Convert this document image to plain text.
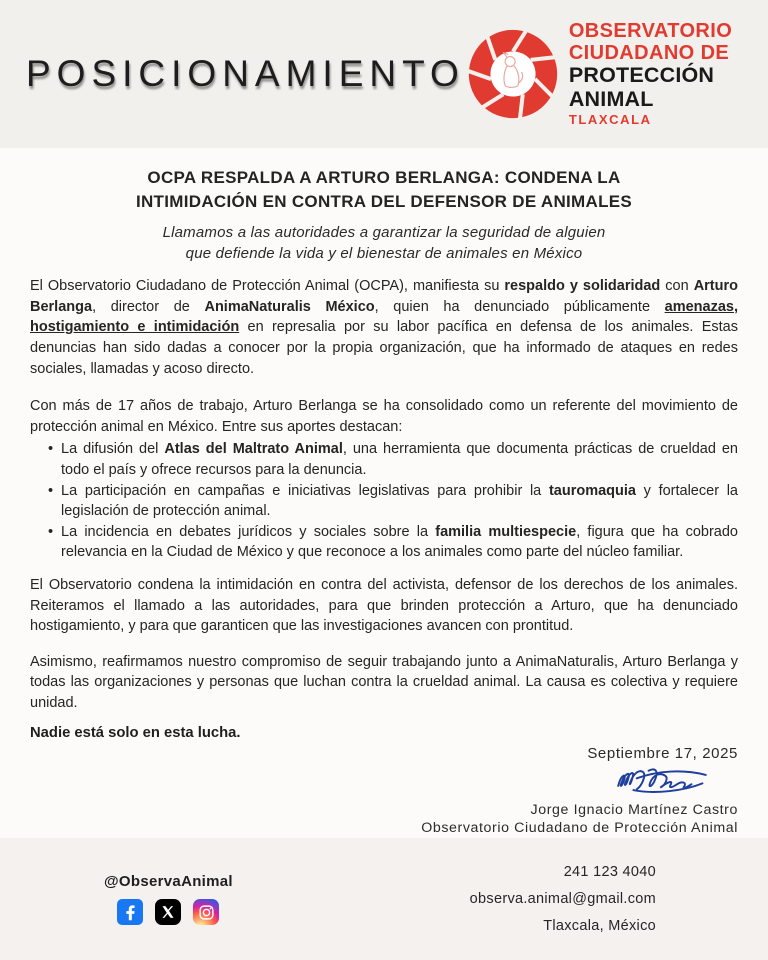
POSICIONAMIENTO
OBSERVATORIO
CIUDADANO DE
PROTECCIÓN ANIMAL
TLAXCALA
OCPA RESPALDA A ARTURO BERLANGA: CONDENA LA
INTIMIDACIÓN EN CONTRA DEL DEFENSOR DE ANIMALES

Llamamos a las autoridades a garantizar la seguridad de alguien
que defiende la vida y el bienestar de animales en México

El Observatorio Ciudadano de Protección Animal (OCPA), manifiesta su respaldo y solidaridad con Arturo Berlanga, director de AnimaNaturalis México, quien ha denunciado públicamente amenazas, hostigamiento e intimidación en represalia por su labor pacífica en defensa de los animales. Estas denuncias han sido dadas a conocer por la propia organización, que ha informado de ataques en redes sociales, llamadas y acoso directo.

Con más de 17 años de trabajo, Arturo Berlanga se ha consolidado como un referente del movimiento de protección animal en México. Entre sus aportes destacan:

• La difusión del Atlas del Maltrato Animal, una herramienta que documenta prácticas de crueldad en todo el país y ofrece recursos para la denuncia.
• La participación en campañas e iniciativas legislativas para prohibir la tauromaquia y fortalecer la legislación de protección animal.
• La incidencia en debates jurídicos y sociales sobre la familia multiespecie, figura que ha cobrado relevancia en la Ciudad de México y que reconoce a los animales como parte del núcleo familiar.

El Observatorio condena la intimidación en contra del activista, defensor de los derechos de los animales. Reiteramos el llamado a las autoridades, para que brinden protección a Arturo, que ha denunciado hostigamiento, y para que garanticen que las investigaciones avancen con prontitud.

Asimismo, reafirmamos nuestro compromiso de seguir trabajando junto a AnimaNaturalis, Arturo Berlanga y todas las organizaciones y personas que luchan contra la crueldad animal. La causa es colectiva y requiere unidad.

Nadie está solo en esta lucha.

Septiembre 17, 2025

Jorge Ignacio Martínez Castro

Observatorio Ciudadano de Protección Animal

@ObservaAnimal

241 123 4040
observa.animal@gmail.com
Tlaxcala, México
